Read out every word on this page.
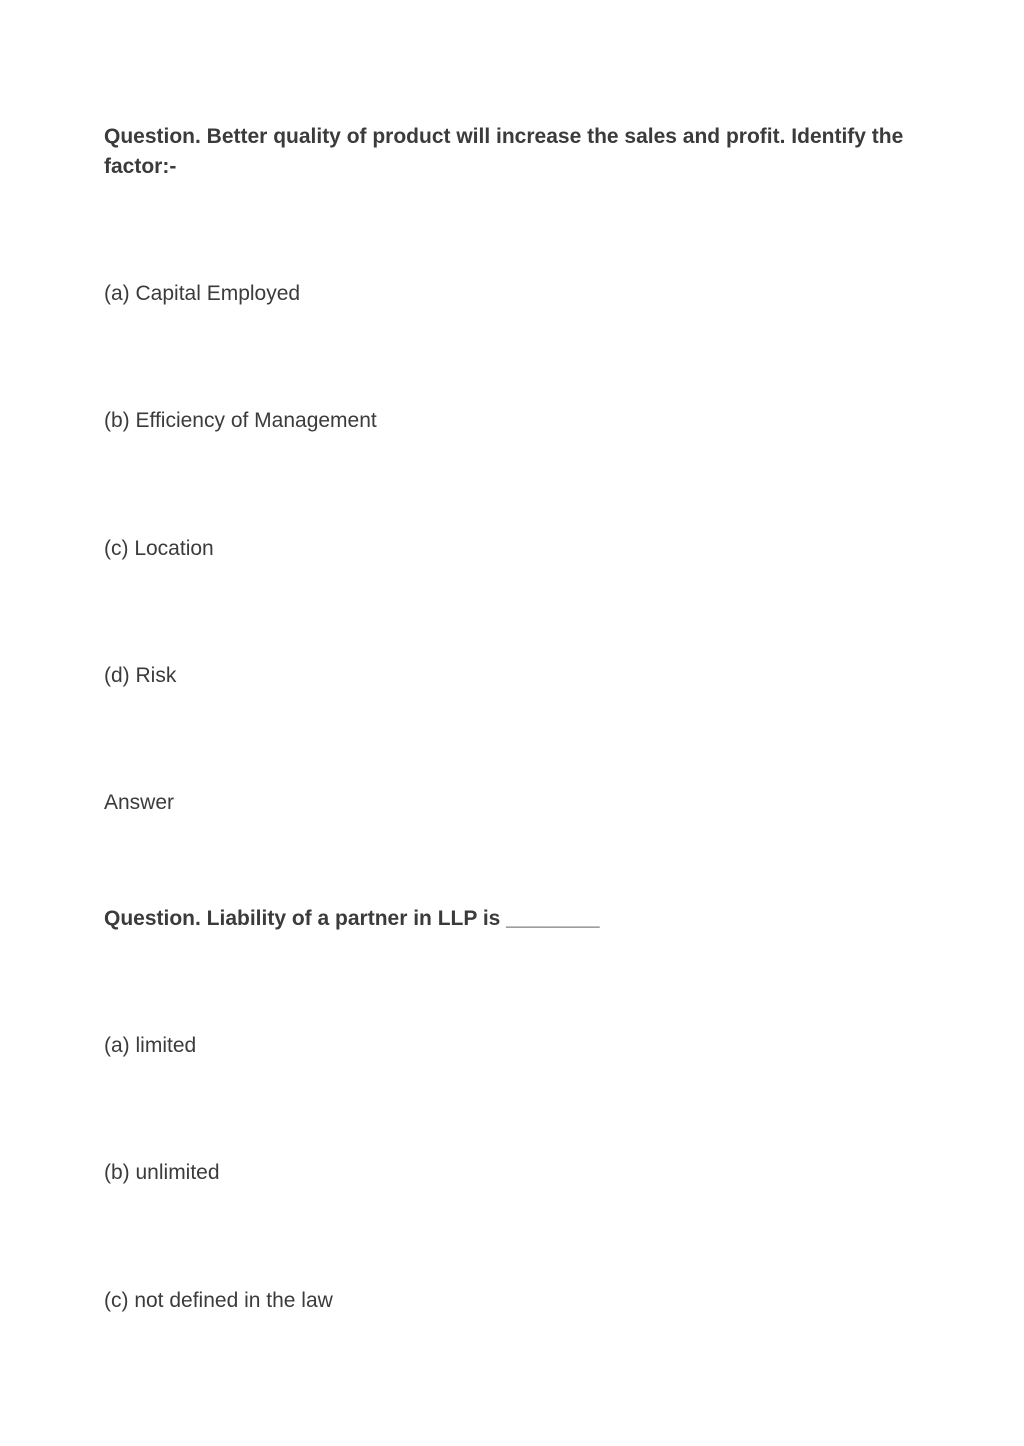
Question. Better quality of product will increase the sales and profit. Identify the factor:-
(a) Capital Employed
(b) Efficiency of Management
(c) Location
(d) Risk
Answer
Question. Liability of a partner in LLP is ________
(a) limited
(b) unlimited
(c) not defined in the law
